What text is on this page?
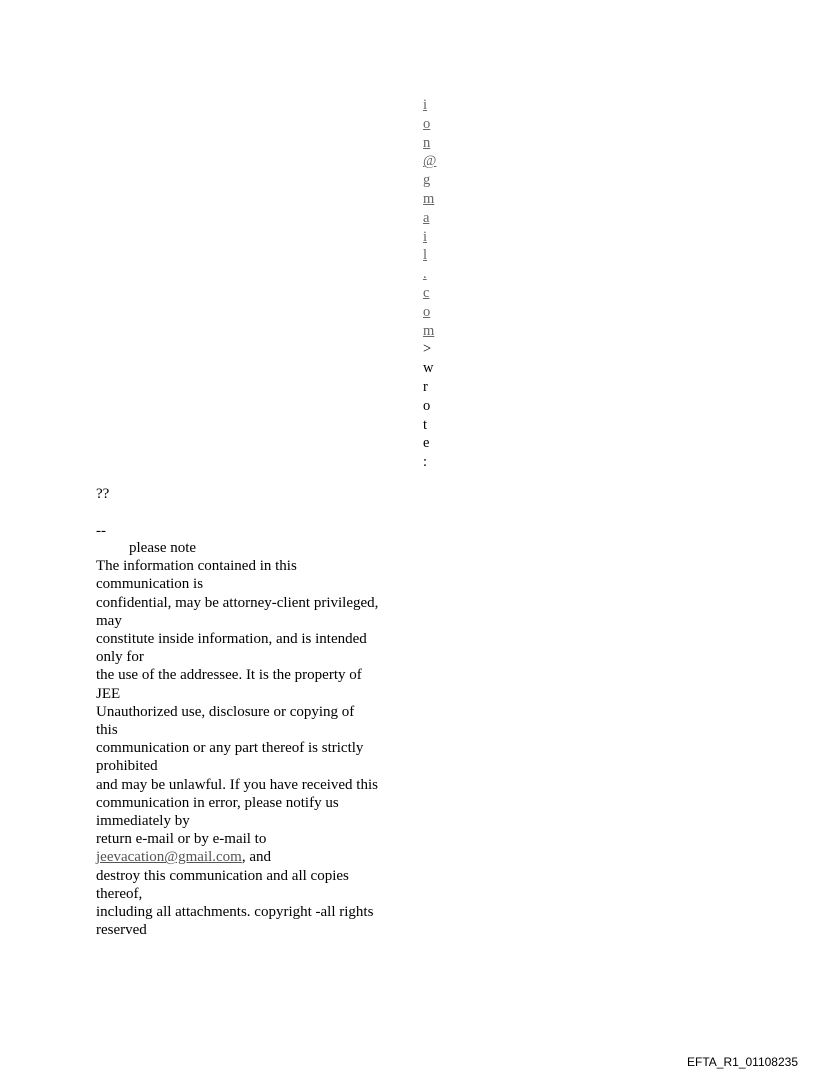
i
o
n
@
g
m
a
i
l
.
c
o
m
>
w
r
o
t
e
:
??
--
please note
The information contained in this
communication is
confidential, may be attorney-client privileged,
may
constitute inside information, and is intended
only for
the use of the addressee. It is the property of
JEE
Unauthorized use, disclosure or copying of
this
communication or any part thereof is strictly
prohibited
and may be unlawful. If you have received this
communication in error, please notify us
immediately by
return e-mail or by e-mail to
jeevacation@gmail.com, and
destroy this communication and all copies
thereof,
including all attachments. copyright -all rights
reserved
EFTA_R1_01108235
